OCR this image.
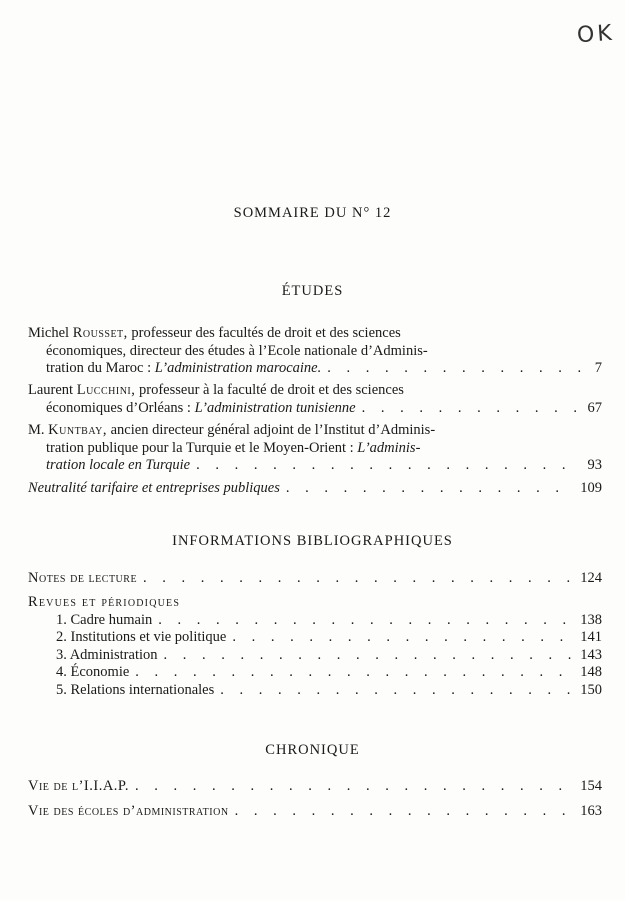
OK
SOMMAIRE DU N° 12
ÉTUDES
Michel
Rousset,
professeur des facultés de droit et des sciences
économiques, directeur des études à l’Ecole nationale d’Adminis-
tration du Maroc :
L’administration marocaine. . . .	7
Laurent
Lucchini,
professeur à la faculté de droit et des sciences
économiques d’Orléans :
L’administration tunisienne . . .	67
M.
Kuntbay,
ancien directeur général adjoint de l’Institut d’Adminis-
tration publique pour la Turquie et le Moyen-Orient :
L’adminis-
tration locale en Turquie . . .	93
Neutralité tarifaire et entreprises publiques . . .	109
INFORMATIONS BIBLIOGRAPHIQUES
Notes de lecture . . .	124
Revues et périodiques
1. Cadre humain . . .	138
2. Institutions et vie politique . . .	141
3. Administration . . .	143
4. Économie . . .	148
5. Relations internationales . . .	150
CHRONIQUE
Vie de l’I.I.A.P. . . .	154
Vie des écoles d’administration . . .	163
